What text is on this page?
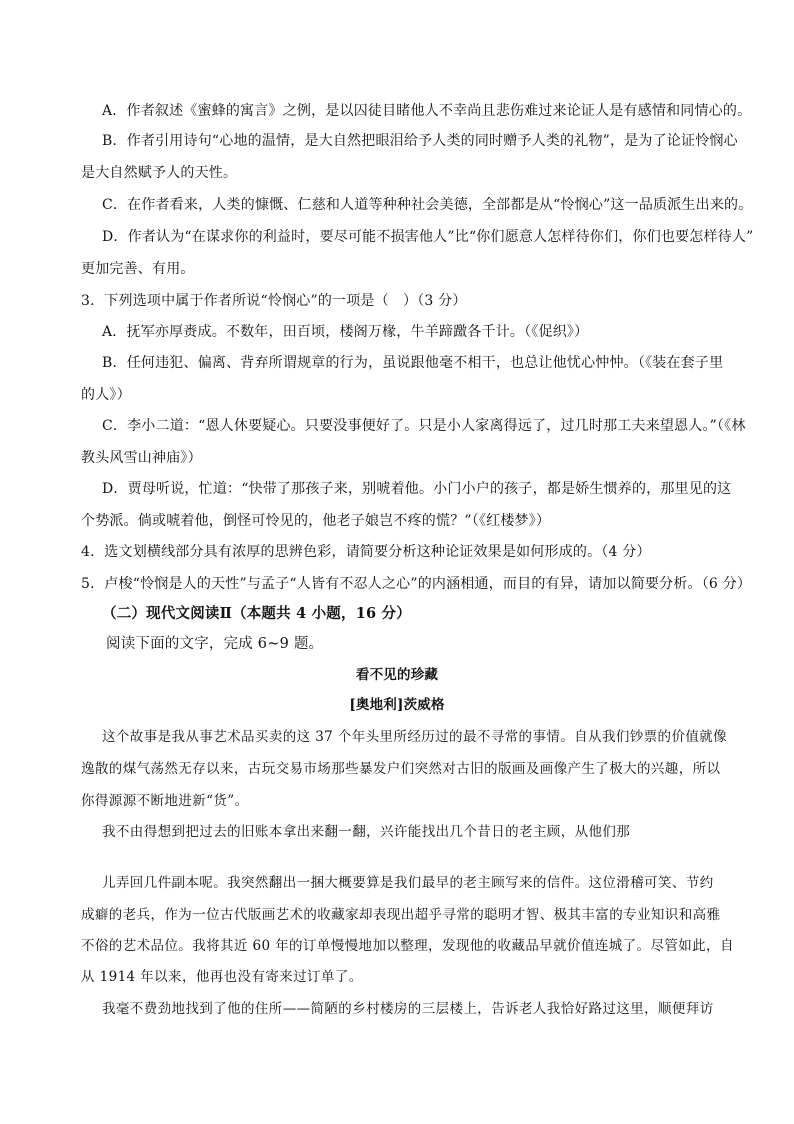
A．作者叙述《蜜蜂的寓言》之例，是以囚徒目睹他人不幸尚且悲伤难过来论证人是有感情和同情心的。
B．作者引用诗句“心地的温情，是大自然把眼泪给予人类的同时赠予人类的礼物”，是为了论证怜悯心
是大自然赋予人的天性。
C．在作者看来，人类的慷慨、仁慈和人道等种种社会美德，全部都是从“怜悯心”这一品质派生出来的。
D．作者认为“在谋求你的利益时，要尽可能不损害他人”比“你们愿意人怎样待你们，你们也要怎样待人”
更加完善、有用。
3．下列选项中属于作者所说“怜悯心”的一项是（　）（3 分）
A．抚军亦厚赉成。不数年，田百顷，楼阁万椽，牛羊蹄躈各千计。（《促织》）
B．任何违犯、偏离、背弃所谓规章的行为，虽说跟他毫不相干，也总让他忧心忡忡。（《装在套子里
的人》）
C．李小二道：“恩人休要疑心。只要没事便好了。只是小人家离得远了，过几时那工夫来望恩人。”（《林
教头风雪山神庙》）
D．贾母听说，忙道：“快带了那孩子来，别唬着他。小门小户的孩子，都是娇生惯养的，那里见的这
个势派。倘或唬着他，倒怪可怜见的，他老子娘岂不疼的慌？”（《红楼梦》）
4．选文划横线部分具有浓厚的思辨色彩，请简要分析这种论证效果是如何形成的。（4 分）
5．卢梭“怜悯是人的天性”与孟子“人皆有不忍人之心”的内涵相通，而目的有异，请加以简要分析。（6 分）
（二）现代文阅读Ⅱ（本题共 4 小题，16 分）
阅读下面的文字，完成 6~9 题。
看不见的珍藏
[奥地利]茨威格
这个故事是我从事艺术品买卖的这 37 个年头里所经历过的最不寻常的事情。自从我们钞票的价值就像
逸散的煤气荡然无存以来，古玩交易市场那些暴发户们突然对古旧的版画及画像产生了极大的兴趣，所以
你得源源不断地进新“货”。
我不由得想到把过去的旧账本拿出来翻一翻，兴许能找出几个昔日的老主顾，从他们那
儿弄回几件副本呢。我突然翻出一捆大概要算是我们最早的老主顾写来的信件。这位滑稽可笑、节约
成癖的老兵，作为一位古代版画艺术的收藏家却表现出超乎寻常的聪明才智、极其丰富的专业知识和高雅
不俗的艺术品位。我将其近 60 年的订单慢慢地加以整理，发现他的收藏品早就价值连城了。尽管如此，自
从 1914 年以来，他再也没有寄来过订单了。
我毫不费劲地找到了他的住所——简陋的乡村楼房的三层楼上，告诉老人我恰好路过这里，顺便拜访
